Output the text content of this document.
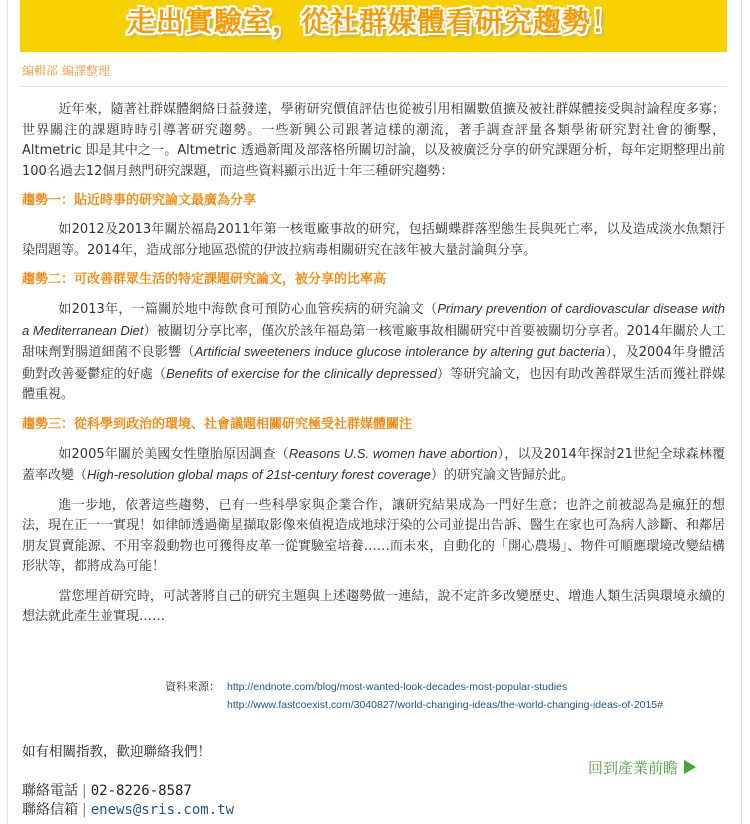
走出實驗室，從社群媒體看研究趨勢！
編輯部 編譯整理

近年來，隨著社群媒體網絡日益發達，學術研究價值評估也從被引用相關數值擴及被社群媒體接受與討論程度多寡；世界關注的課題時時引導著研究趨勢。一些新興公司跟著這樣的潮流，著手調查評量各類學術研究對社會的衝擊，Altmetric 即是其中之一。Altmetric 透過新聞及部落格所關切討論，以及被廣泛分享的研究課題分析，每年定期整理出前100名過去12個月熱門研究課題，而這些資料顯示出近十年三種研究趨勢：

趨勢一：貼近時事的研究論文最廣為分享

如2012及2013年關於福島2011年第一核電廠事故的研究，包括蝴蝶群落型態生長與死亡率，以及造成淡水魚類汙染問題等。2014年，造成部分地區恐慌的伊波拉病毒相關研究在該年被大量討論與分享。

趨勢二：可改善群眾生活的特定課題研究論文，被分享的比率高

如2013年，一篇關於地中海飲食可預防心血管疾病的研究論文（Primary prevention of cardiovascular disease with a Mediterranean Diet）被關切分享比率，僅次於該年福島第一核電廠事故相關研究中首要被關切分享者。2014年關於人工甜味劑對腸道細菌不良影響（Artificial sweeteners induce glucose intolerance by altering gut bacteria），及2004年身體活動對改善憂鬱症的好處（Benefits of exercise for the clinically depressed）等研究論文，也因有助改善群眾生活而獲社群媒體重視。

趨勢三：從科學到政治的環境、社會議題相關研究極受社群媒體關注

如2005年關於美國女性墮胎原因調查（Reasons U.S. women have abortion），以及2014年探討21世紀全球森林覆蓋率改變（High-resolution global maps of 21st-century forest coverage）的研究論文皆歸於此。

進一步地，依著這些趨勢，已有一些科學家與企業合作，讓研究結果成為一門好生意；也許之前被認為是瘋狂的想法，現在正一一實現！如律師透過衛星擷取影像來偵視造成地球汙染的公司並提出告訴、醫生在家也可為病人診斷、和鄰居朋友買賣能源、不用宰殺動物也可獲得皮革一從實驗室培養……而未來，自動化的「開心農場」、物件可順應環境改變結構形狀等，都將成為可能！

當您埋首研究時，可試著將自己的研究主題與上述趨勢做一連結，說不定許多改變歷史、增進人類生活與環境永續的想法就此產生並實現……

資料來源： http://endnote.com/blog/most-wanted-look-decades-most-popular-studies
http://www.fastcoexist.com/3040827/world-changing-ideas/the-world-changing-ideas-of-2015#
如有相關指教，歡迎聯絡我們！
回到產業前瞻
聯絡電話 | 02-8226-8587
聯絡信箱 | enews@sris.com.tw
